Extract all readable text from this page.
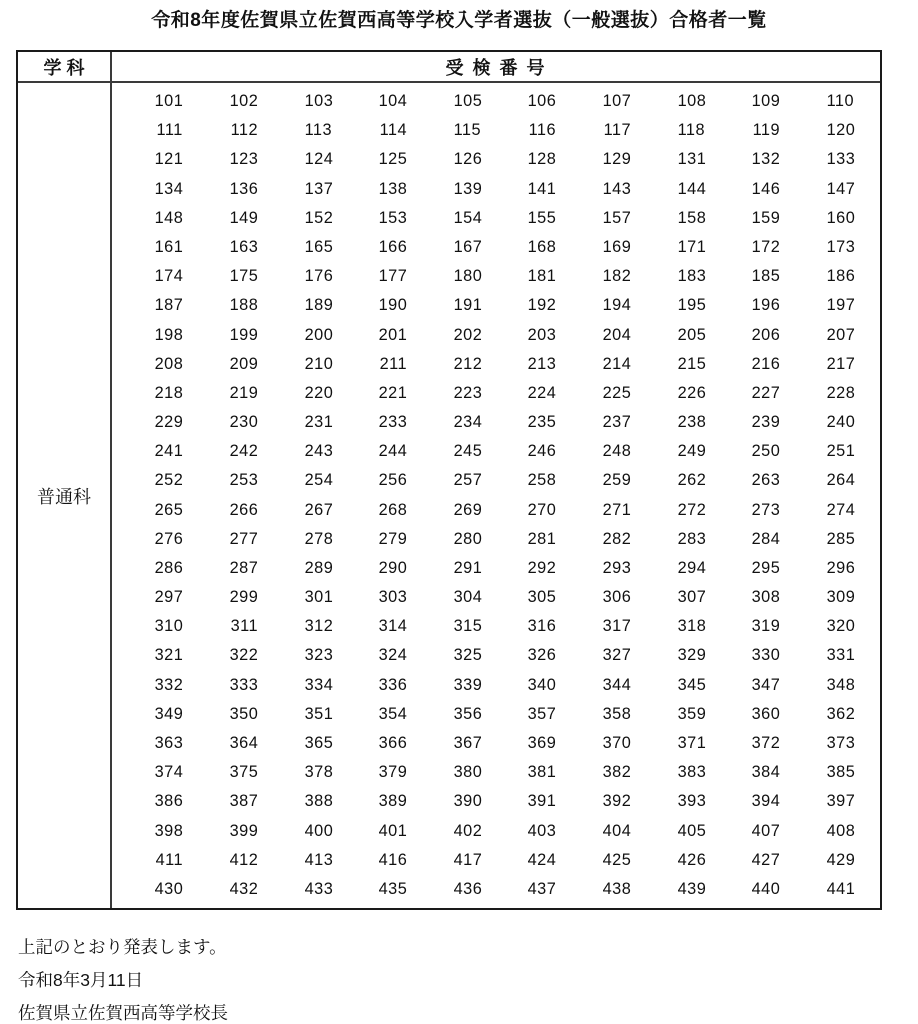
令和8年度佐賀県立佐賀西高等学校入学者選抜（一般選抜）合格者一覧
学 科	受 検 番 号
普通科
101	102	103	104	105	106	107	108	109	110
111	112	113	114	115	116	117	118	119	120
121	123	124	125	126	128	129	131	132	133
134	136	137	138	139	141	143	144	146	147
148	149	152	153	154	155	157	158	159	160
161	163	165	166	167	168	169	171	172	173
174	175	176	177	180	181	182	183	185	186
187	188	189	190	191	192	194	195	196	197
198	199	200	201	202	203	204	205	206	207
208	209	210	211	212	213	214	215	216	217
218	219	220	221	223	224	225	226	227	228
229	230	231	233	234	235	237	238	239	240
241	242	243	244	245	246	248	249	250	251
252	253	254	256	257	258	259	262	263	264
265	266	267	268	269	270	271	272	273	274
276	277	278	279	280	281	282	283	284	285
286	287	289	290	291	292	293	294	295	296
297	299	301	303	304	305	306	307	308	309
310	311	312	314	315	316	317	318	319	320
321	322	323	324	325	326	327	329	330	331
332	333	334	336	339	340	344	345	347	348
349	350	351	354	356	357	358	359	360	362
363	364	365	366	367	369	370	371	372	373
374	375	378	379	380	381	382	383	384	385
386	387	388	389	390	391	392	393	394	397
398	399	400	401	402	403	404	405	407	408
411	412	413	416	417	424	425	426	427	429
430	432	433	435	436	437	438	439	440	441
上記のとおり発表します。
令和8年3月11日
佐賀県立佐賀西高等学校長
